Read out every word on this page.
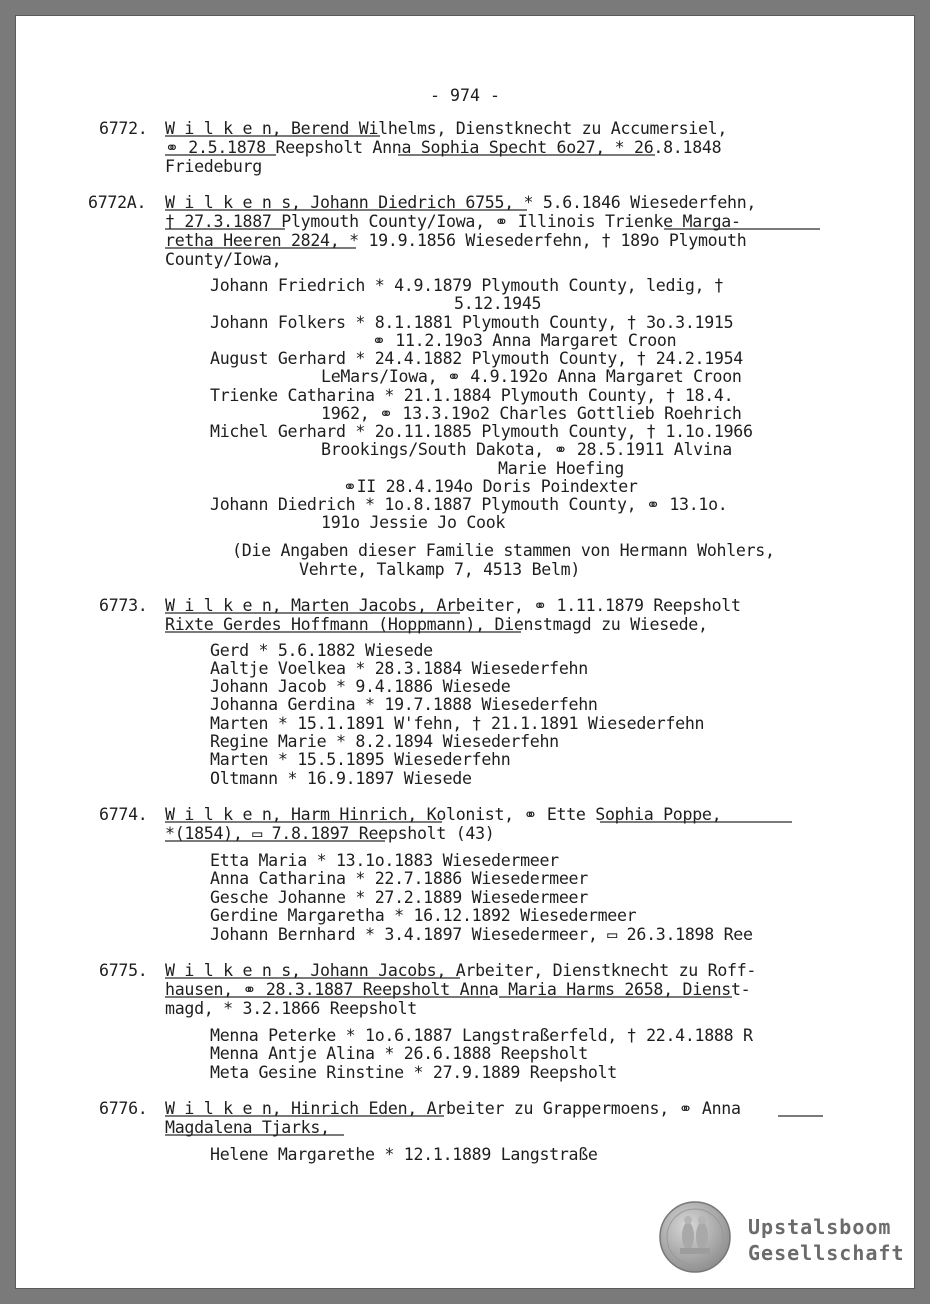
- 974 -
6772. W i l k e n, Berend Wilhelms, Dienstknecht zu Accumersiel,
⚭ 2.5.1878 Reepsholt Anna Sophia Specht 6o27, * 26.8.1848
Friedeburg
6772A. W i l k e n s, Johann Diedrich 6755, * 5.6.1846 Wiesederfehn,
† 27.3.1887 Plymouth County/Iowa, ⚭ Illinois Trienke Marga-
retha Heeren 2824, * 19.9.1856 Wiesederfehn, † 189o Plymouth
County/Iowa,
Johann Friedrich * 4.9.1879 Plymouth County, ledig, †
5.12.1945
Johann Folkers * 8.1.1881 Plymouth County, † 3o.3.1915
⚭ 11.2.19o3 Anna Margaret Croon
August Gerhard * 24.4.1882 Plymouth County, † 24.2.1954
LeMars/Iowa, ⚭ 4.9.192o Anna Margaret Croon
Trienke Catharina * 21.1.1884 Plymouth County, † 18.4.
1962, ⚭ 13.3.19o2 Charles Gottlieb Roehrich
Michel Gerhard * 2o.11.1885 Plymouth County, † 1.1o.1966
Brookings/South Dakota, ⚭ 28.5.1911 Alvina
Marie Hoefing
⚭II 28.4.194o Doris Poindexter
Johann Diedrich * 1o.8.1887 Plymouth County, ⚭ 13.1o.
191o Jessie Jo Cook
(Die Angaben dieser Familie stammen von Hermann Wohlers,
Vehrte, Talkamp 7, 4513 Belm)
6773. W i l k e n, Marten Jacobs, Arbeiter, ⚭ 1.11.1879 Reepsholt
Rixte Gerdes Hoffmann (Hoppmann), Dienstmagd zu Wiesede,
Gerd * 5.6.1882 Wiesede
Aaltje Voelkea * 28.3.1884 Wiesederfehn
Johann Jacob * 9.4.1886 Wiesede
Johanna Gerdina * 19.7.1888 Wiesederfehn
Marten * 15.1.1891 W'fehn, † 21.1.1891 Wiesederfehn
Regine Marie * 8.2.1894 Wiesederfehn
Marten * 15.5.1895 Wiesederfehn
Oltmann * 16.9.1897 Wiesede
6774. W i l k e n, Harm Hinrich, Kolonist, ⚭ Ette Sophia Poppe,
*(1854), ▭ 7.8.1897 Reepsholt (43)
Etta Maria * 13.1o.1883 Wiesedermeer
Anna Catharina * 22.7.1886 Wiesedermeer
Gesche Johanne * 27.2.1889 Wiesedermeer
Gerdine Margaretha * 16.12.1892 Wiesedermeer
Johann Bernhard * 3.4.1897 Wiesedermeer, ▭ 26.3.1898 Ree
6775. W i l k e n s, Johann Jacobs, Arbeiter, Dienstknecht zu Roff-
hausen, ⚭ 28.3.1887 Reepsholt Anna Maria Harms 2658, Dienst-
magd, * 3.2.1866 Reepsholt
Menna Peterke * 1o.6.1887 Langstraßerfeld, † 22.4.1888 R
Menna Antje Alina * 26.6.1888 Reepsholt
Meta Gesine Rinstine * 27.9.1889 Reepsholt
6776. W i l k e n, Hinrich Eden, Arbeiter zu Grappermoens, ⚭ Anna
Magdalena Tjarks,
Helene Margarethe * 12.1.1889 Langstraße
Upstalsboom
Gesellschaft
